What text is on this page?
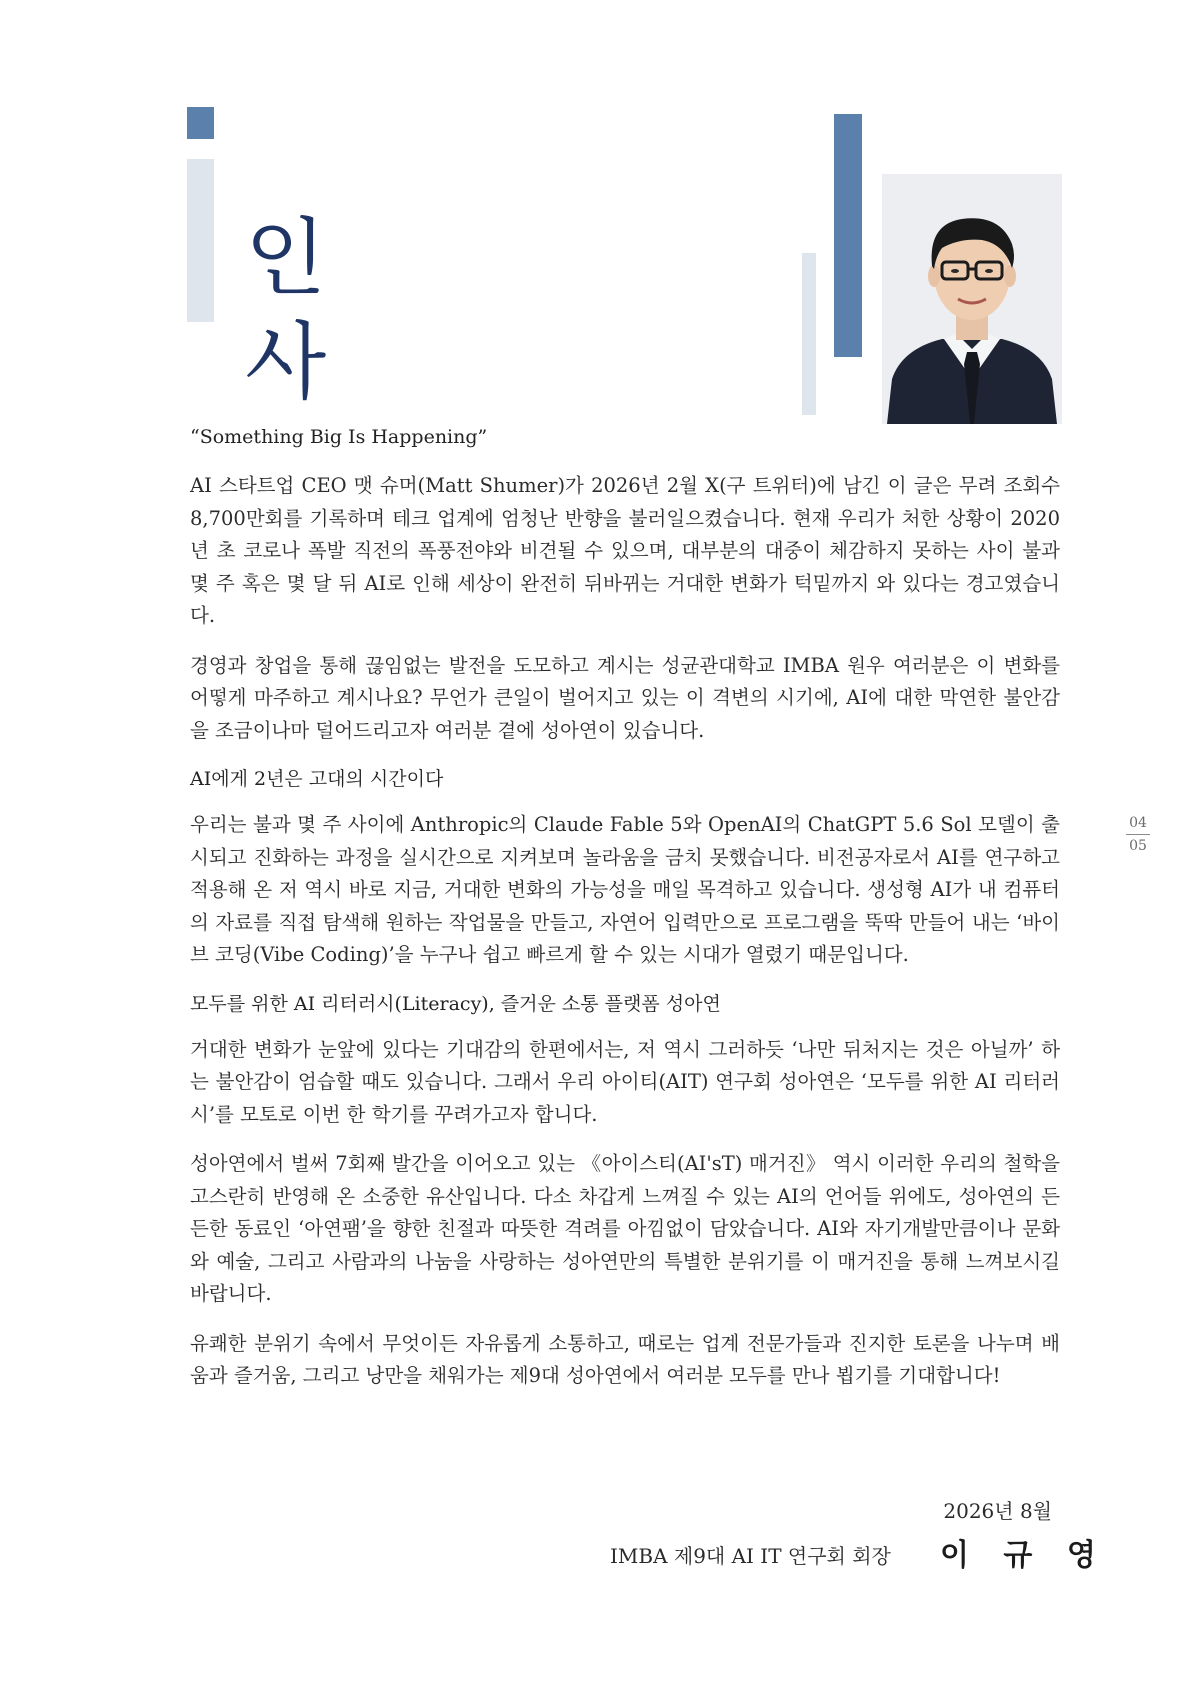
인
사

“Something Big Is Happening”

AI 스타트업 CEO 맷 슈머(Matt Shumer)가 2026년 2월 X(구 트위터)에 남긴 이 글은 무려 조회수 8,700만회를 기록하며 테크 업계에 엄청난 반향을 불러일으켰습니다. 현재 우리가 처한 상황이 2020년 초 코로나 폭발 직전의 폭풍전야와 비견될 수 있으며, 대부분의 대중이 체감하지 못하는 사이 불과 몇 주 혹은 몇 달 뒤 AI로 인해 세상이 완전히 뒤바뀌는 거대한 변화가 턱밑까지 와 있다는 경고였습니다.

경영과 창업을 통해 끊임없는 발전을 도모하고 계시는 성균관대학교 IMBA 원우 여러분은 이 변화를 어떻게 마주하고 계시나요? 무언가 큰일이 벌어지고 있는 이 격변의 시기에, AI에 대한 막연한 불안감을 조금이나마 덜어드리고자 여러분 곁에 성아연이 있습니다.

AI에게 2년은 고대의 시간이다

우리는 불과 몇 주 사이에 Anthropic의 Claude Fable 5와 OpenAI의 ChatGPT 5.6 Sol 모델이 출시되고 진화하는 과정을 실시간으로 지켜보며 놀라움을 금치 못했습니다. 비전공자로서 AI를 연구하고 적용해 온 저 역시 바로 지금, 거대한 변화의 가능성을 매일 목격하고 있습니다. 생성형 AI가 내 컴퓨터의 자료를 직접 탐색해 원하는 작업물을 만들고, 자연어 입력만으로 프로그램을 뚝딱 만들어 내는 ‘바이브 코딩(Vibe Coding)’을 누구나 쉽고 빠르게 할 수 있는 시대가 열렸기 때문입니다.

모두를 위한 AI 리터러시(Literacy), 즐거운 소통 플랫폼 성아연

거대한 변화가 눈앞에 있다는 기대감의 한편에서는, 저 역시 그러하듯 ‘나만 뒤처지는 것은 아닐까’ 하는 불안감이 엄습할 때도 있습니다. 그래서 우리 아이티(AIT) 연구회 성아연은 ‘모두를 위한 AI 리터러시’를 모토로 이번 한 학기를 꾸려가고자 합니다.

성아연에서 벌써 7회째 발간을 이어오고 있는 《아이스티(AI'sT) 매거진》 역시 이러한 우리의 철학을 고스란히 반영해 온 소중한 유산입니다. 다소 차갑게 느껴질 수 있는 AI의 언어들 위에도, 성아연의 든든한 동료인 ‘아연팸’을 향한 친절과 따뜻한 격려를 아낌없이 담았습니다. AI와 자기개발만큼이나 문화와 예술, 그리고 사람과의 나눔을 사랑하는 성아연만의 특별한 분위기를 이 매거진을 통해 느껴보시길 바랍니다.

유쾌한 분위기 속에서 무엇이든 자유롭게 소통하고, 때로는 업계 전문가들과 진지한 토론을 나누며 배움과 즐거움, 그리고 낭만을 채워가는 제9대 성아연에서 여러분 모두를 만나 뵙기를 기대합니다!

04
05
2026년 8월
IMBA 제9대 AI IT 연구회 회장 이 규 영
